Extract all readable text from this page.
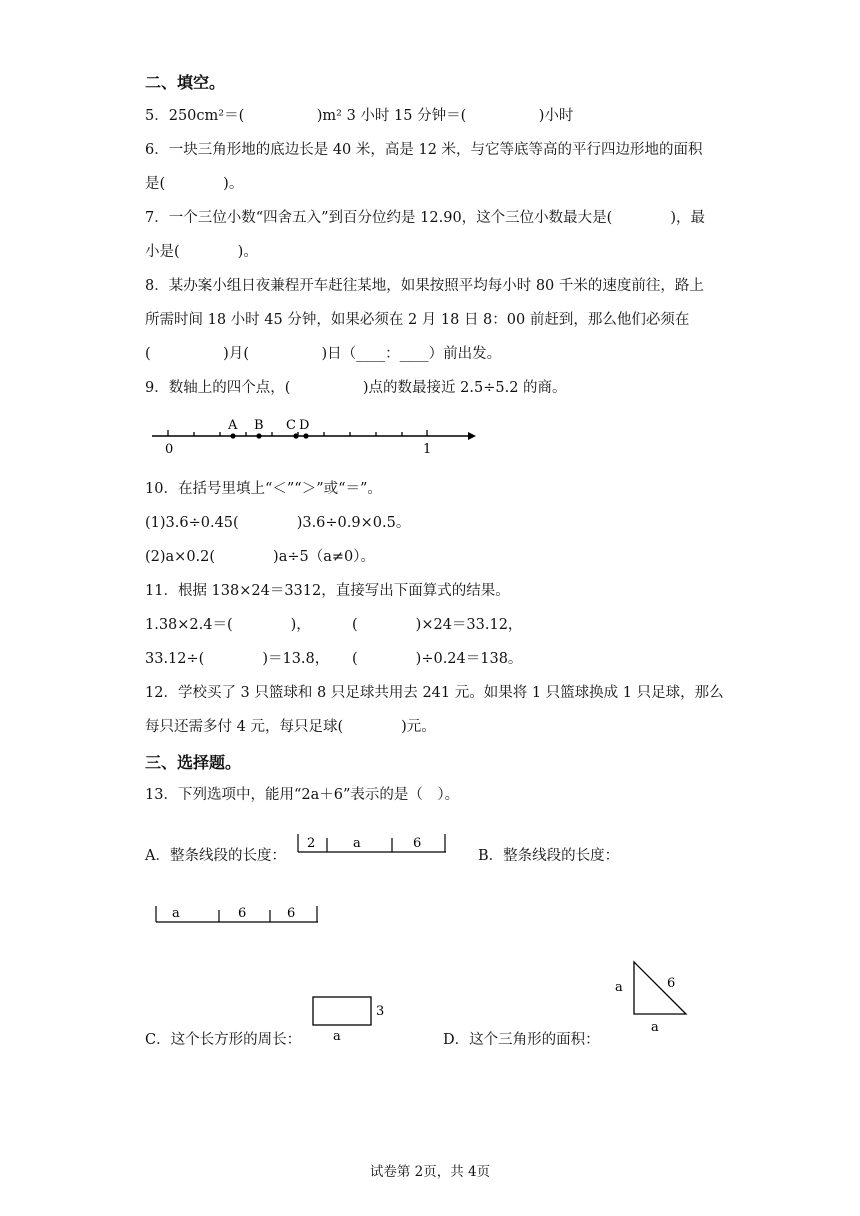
二、填空。
5．250cm²＝(　　　　　)m² 3 小时 15 分钟＝(　　　　　)小时
6．一块三角形地的底边长是 40 米，高是 12 米，与它等底等高的平行四边形地的面积
是(　　　　)。
7．一个三位小数“四舍五入”到百分位约是 12.90，这个三位小数最大是(　　　　)，最
小是(　　　　)。
8．某办案小组日夜兼程开车赶往某地，如果按照平均每小时 80 千米的速度前往，路上
所需时间 18 小时 45 分钟，如果必须在 2 月 18 日 8：00 前赶到，那么他们必须在
(　　　　　)月(　　　　　)日（____：____）前出发。
9．数轴上的四个点，(　　　　　)点的数最接近 2.5÷5.2 的商。
A B C D
0	1
10．在括号里填上“＜”“＞”或“＝”。
(1)3.6÷0.45(　　　　)3.6÷0.9×0.5。
(2)a×0.2(　　　　)a÷5（a≠0）。
11．根据 138×24＝3312，直接写出下面算式的结果。
1.38×2.4＝(　　　　)，	(　　　　)×24＝33.12，
33.12÷(　　　　)＝13.8， (　　　　)÷0.24＝138。
12．学校买了 3 只篮球和 8 只足球共用去 241 元。如果将 1 只篮球换成 1 只足球，那么
每只还需多付 4 元，每只足球(　　　　)元。
三、选择题。
13．下列选项中，能用“2a＋6”表示的是（　）。
A．整条线段的长度：
2	a	6
B．整条线段的长度：
a	6	6
C．这个长方形的周长：
3
a	D．这个三角形的面积：
a	6
a
试卷第 2页，共 4页
